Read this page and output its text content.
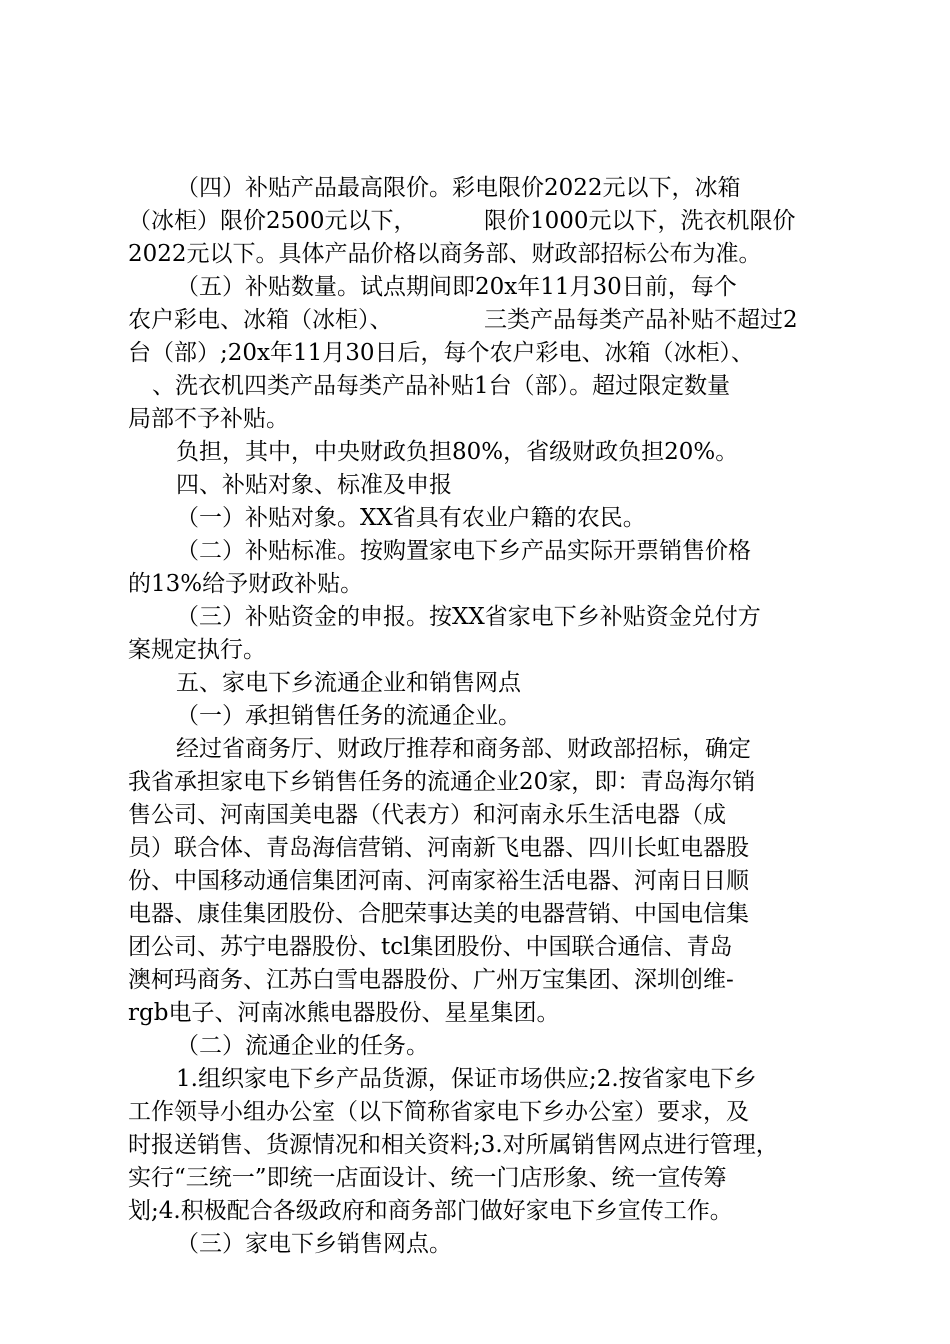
（四）补贴产品最高限价。彩电限价2022元以下，冰箱
（冰柜）限价2500元以下，	限价1000元以下，洗衣机限价
2022元以下。具体产品价格以商务部、财政部招标公布为准。
（五）补贴数量。试点期间即20x年11月30日前，每个
农户彩电、冰箱（冰柜）、	三类产品每类产品补贴不超过2
台（部）;20x年11月30日后，每个农户彩电、冰箱（冰柜）、
、洗衣机四类产品每类产品补贴1台（部）。超过限定数量
局部不予补贴。
负担，其中，中央财政负担80%，省级财政负担20%。
四、补贴对象、标准及申报
（一）补贴对象。XX省具有农业户籍的农民。
（二）补贴标准。按购置家电下乡产品实际开票销售价格
的13%给予财政补贴。
（三）补贴资金的申报。按XX省家电下乡补贴资金兑付方
案规定执行。
五、家电下乡流通企业和销售网点
（一）承担销售任务的流通企业。
经过省商务厅、财政厅推荐和商务部、财政部招标，确定
我省承担家电下乡销售任务的流通企业20家，即：青岛海尔销
售公司、河南国美电器（代表方）和河南永乐生活电器（成
员）联合体、青岛海信营销、河南新飞电器、四川长虹电器股
份、中国移动通信集团河南、河南家裕生活电器、河南日日顺
电器、康佳集团股份、合肥荣事达美的电器营销、中国电信集
团公司、苏宁电器股份、tcl集团股份、中国联合通信、青岛
澳柯玛商务、江苏白雪电器股份、广州万宝集团、深圳创维-
rgb电子、河南冰熊电器股份、星星集团。
（二）流通企业的任务。
1.组织家电下乡产品货源，保证市场供应;2.按省家电下乡
工作领导小组办公室（以下简称省家电下乡办公室）要求，及
时报送销售、货源情况和相关资料;3.对所属销售网点进行管理，
实行“三统一”即统一店面设计、统一门店形象、统一宣传筹
划;4.积极配合各级政府和商务部门做好家电下乡宣传工作。
（三）家电下乡销售网点。
